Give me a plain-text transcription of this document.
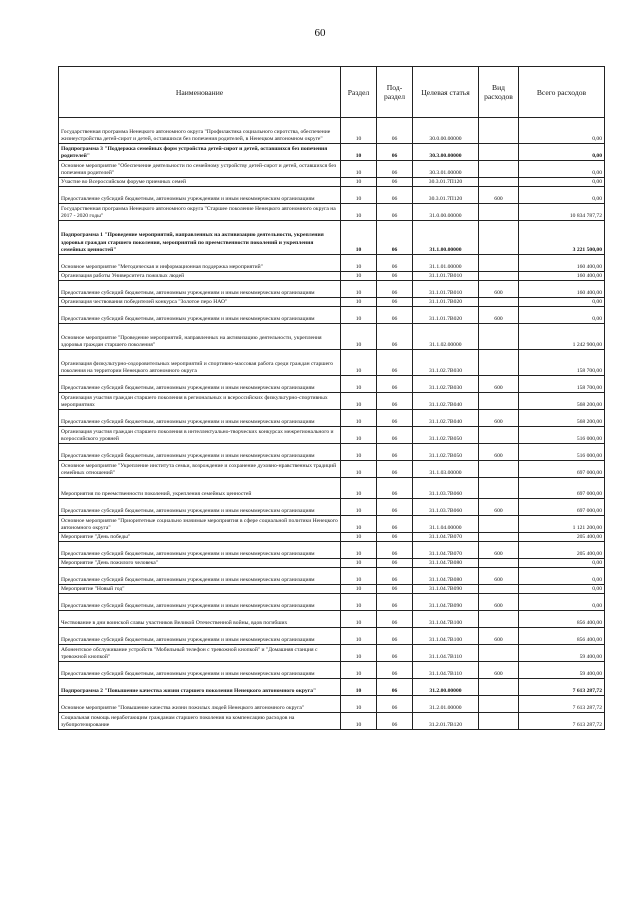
60
Наименование	Раздел	Под-раздел	Целевая статья	Вид расходов	Всего расходов
Государственная программа Ненецкого автономного округа "Профилактика социального сиротства, обеспечение жизнеустройства детей-сирот и детей, оставшихся без попечения родителей, в Ненецком автономном округе"	10	06	30.0.00.00000		0,00
Подпрограмма 3 "Поддержка семейных форм устройства детей-сирот и детей, оставшихся без попечения родителей"	10	06	30.3.00.00000		0,00
Основное мероприятие "Обеспечение деятельности по семейному устройству детей-сирот и детей, оставшихся без попечения родителей"	10	06	30.3.01.00000		0,00
Участие во Всероссийском форуме приемных семей	10	06	30.3.01.7П120		0,00
Предоставление субсидий бюджетным, автономным учреждениям и иным некоммерческим организациям	10	06	30.3.01.7П120	600	0,00
Государственная программа Ненецкого автономного округа "Старшее поколение Ненецкого автономного округа на 2017 - 2020 годы"	10	06	31.0.00.00000		10 834 787,72
Подпрограмма 1 "Проведение мероприятий, направленных на активизацию деятельности, укрепления здоровья граждан старшего поколения, мероприятий по преемственности поколений и укрепления семейных ценностей"	10	06	31.1.00.00000		3 221 500,00
Основное мероприятие "Методическая и информационная поддержка мероприятий"	10	06	31.1.01.00000		160 400,00
Организация работы Университета пожилых людей	10	06	31.1.01.7В010		160 400,00
Предоставление субсидий бюджетным, автономным учреждениям и иным некоммерческим организациям	10	06	31.1.01.7В010	600	160 400,00
Организация чествования победителей конкурса "Золотое перо НАО"	10	06	31.1.01.7В020		0,00
Предоставление субсидий бюджетным, автономным учреждениям и иным некоммерческим организациям	10	06	31.1.01.7В020	600	0,00
Основное мероприятие "Проведение мероприятий, направленных на активизацию деятельности, укрепления здоровья граждан старшего поколения"	10	06	31.1.02.00000		1 242 900,00
Организация физкультурно-оздоровительных мероприятий и спортивно-массовая работа среди граждан старшего поколения на территории Ненецкого автономного округа	10	06	31.1.02.7В030		158 700,00
Предоставление субсидий бюджетным, автономным учреждениям и иным некоммерческим организациям	10	06	31.1.02.7В030	600	158 700,00
Организация участия граждан старшего поколения в региональных и всероссийских физкультурно-спортивных мероприятиях	10	06	31.1.02.7В040		568 200,00
Предоставление субсидий бюджетным, автономным учреждениям и иным некоммерческим организациям	10	06	31.1.02.7В040	600	568 200,00
Организация участия граждан старшего поколения в интеллектуально-творческих конкурсах межрегионального и всероссийского уровней	10	06	31.1.02.7В050		516 000,00
Предоставление субсидий бюджетным, автономным учреждениям и иным некоммерческим организациям	10	06	31.1.02.7В050	600	516 000,00
Основное мероприятие "Укрепление института семьи, возрождение и сохранение духовно-нравственных традиций семейных отношений"	10	06	31.1.03.00000		697 000,00
Мероприятия по преемственности поколений, укрепления семейных ценностей	10	06	31.1.03.7В060		697 000,00
Предоставление субсидий бюджетным, автономным учреждениям и иным некоммерческим организациям	10	06	31.1.03.7В060	600	697 000,00
Основное мероприятие "Приоритетные социально значимые мероприятия в сфере социальной политики Ненецкого автономного округа"	10	06	31.1.04.00000		1 121 200,00
Мероприятие "День победы"	10	06	31.1.04.7В070		205 400,00
Предоставление субсидий бюджетным, автономным учреждениям и иным некоммерческим организациям	10	06	31.1.04.7В070	600	205 400,00
Мероприятие "День пожилого человека"	10	06	31.1.04.7В080		0,00
Предоставление субсидий бюджетным, автономным учреждениям и иным некоммерческим организациям	10	06	31.1.04.7В080	600	0,00
Мероприятие "Новый год"	10	06	31.1.04.7В090		0,00
Предоставление субсидий бюджетным, автономным учреждениям и иным некоммерческим организациям	10	06	31.1.04.7В090	600	0,00
Чествование в дни воинской славы участников Великой Отечественной войны, вдов погибших	10	06	31.1.04.7В100		856 400,00
Предоставление субсидий бюджетным, автономным учреждениям и иным некоммерческим организациям	10	06	31.1.04.7В100	600	856 400,00
Абонентское обслуживание устройств "Мобильный телефон с тревожной кнопкой" и "Домашняя станция с тревожной кнопкой"	10	06	31.1.04.7В110		59 400,00
Предоставление субсидий бюджетным, автономным учреждениям и иным некоммерческим организациям	10	06	31.1.04.7В110	600	59 400,00
Подпрограмма 2 "Повышение качества жизни старшего поколения Ненецкого автономного округа"	10	06	31.2.00.00000		7 613 287,72
Основное мероприятие "Повышение качества жизни пожилых людей Ненецкого автономного округа"	10	06	31.2.01.00000		7 613 287,72
Социальная помощь неработающим гражданам старшего поколения на компенсацию расходов на зубопротезирование	10	06	31.2.01.7В120		7 613 287,72
